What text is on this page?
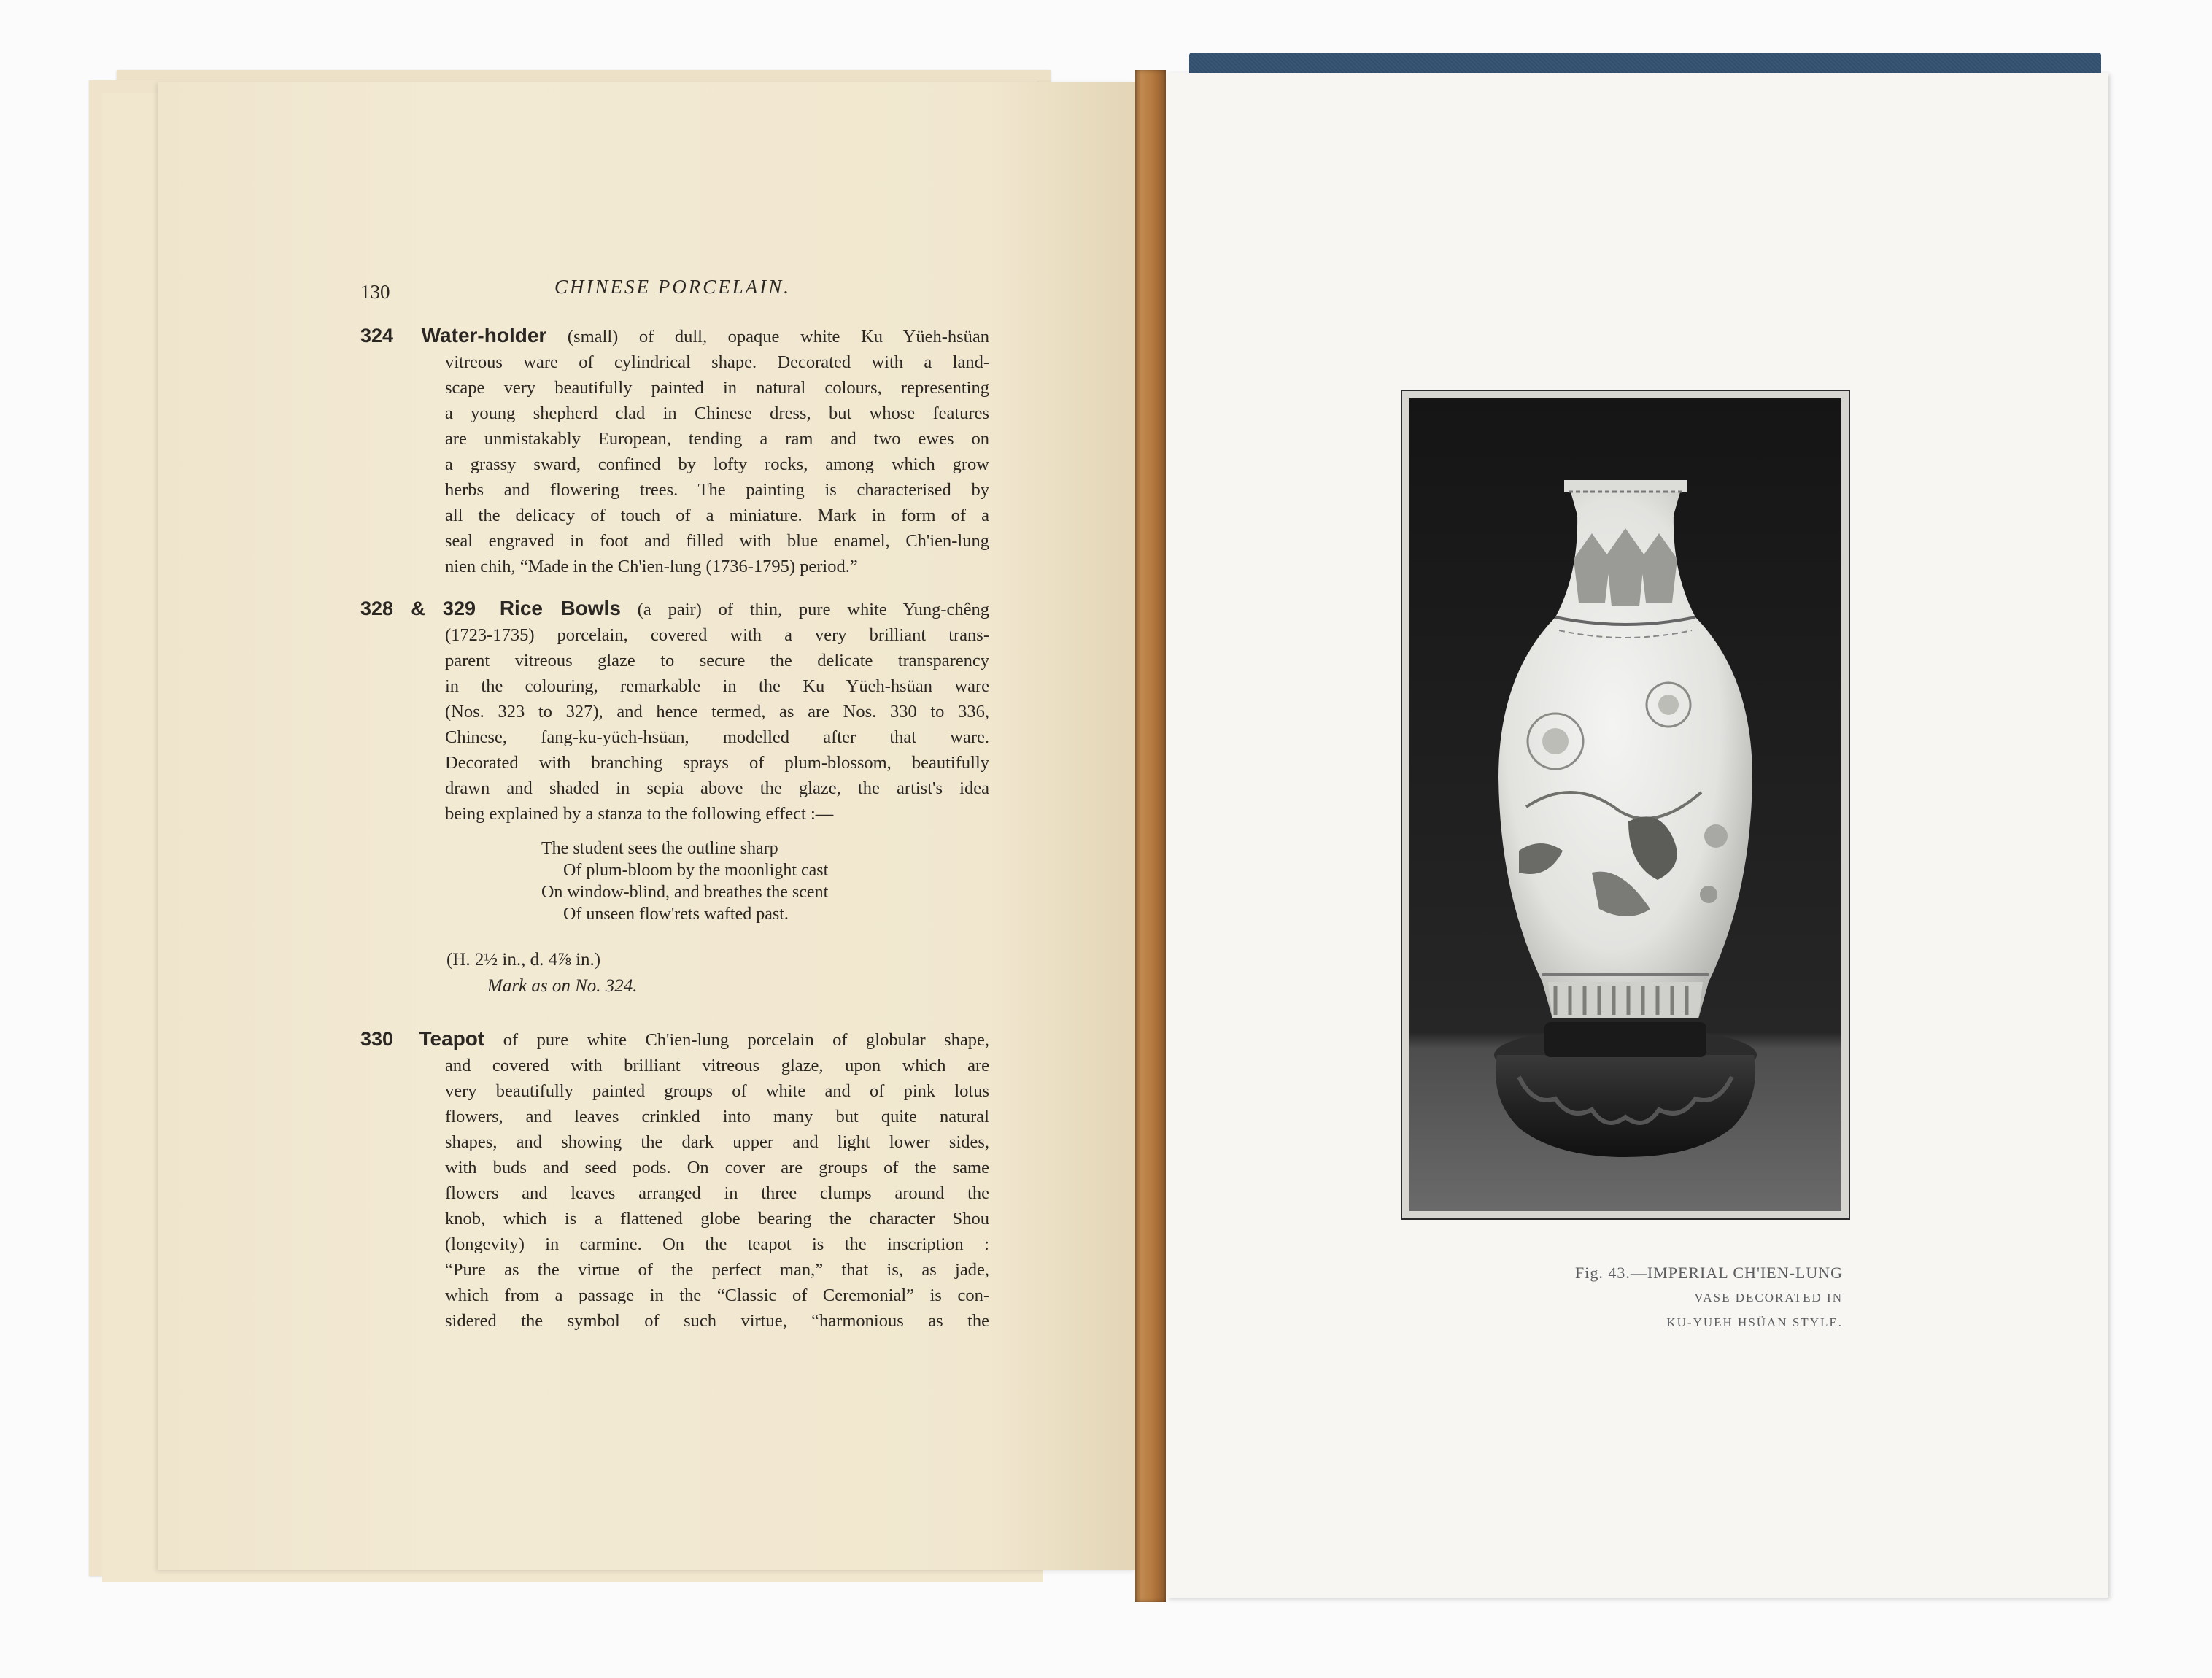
130	CHINESE PORCELAIN.
324 Water-holder (small) of dull, opaque white Ku Yüeh-hsüan
vitreous ware of cylindrical shape. Decorated with a land-
scape very beautifully painted in natural colours, representing
a young shepherd clad in Chinese dress, but whose features
are unmistakably European, tending a ram and two ewes on
a grassy sward, confined by lofty rocks, among which grow
herbs and flowering trees. The painting is characterised by
all the delicacy of touch of a miniature. Mark in form of a
seal engraved in foot and filled with blue enamel, Ch'ien-lung
nien chih, “Made in the Ch'ien-lung (1736-1795) period.”
328 & 329 Rice Bowls (a pair) of thin, pure white Yung-chêng
(1723-1735) porcelain, covered with a very brilliant trans-
parent vitreous glaze to secure the delicate transparency
in the colouring, remarkable in the Ku Yüeh-hsüan ware
(Nos. 323 to 327), and hence termed, as are Nos. 330 to 336,
Chinese, fang-ku-yüeh-hsüan, modelled after that ware.
Decorated with branching sprays of plum-blossom, beautifully
drawn and shaded in sepia above the glaze, the artist's idea
being explained by a stanza to the following effect :—
The student sees the outline sharp
Of plum-bloom by the moonlight cast
On window-blind, and breathes the scent
Of unseen flow'rets wafted past.
(H. 2½ in., d. 4⅞ in.)
Mark as on No. 324.
330 Teapot of pure white Ch'ien-lung porcelain of globular shape,
and covered with brilliant vitreous glaze, upon which are
very beautifully painted groups of white and of pink lotus
flowers, and leaves crinkled into many but quite natural
shapes, and showing the dark upper and light lower sides,
with buds and seed pods. On cover are groups of the same
flowers and leaves arranged in three clumps around the
knob, which is a flattened globe bearing the character Shou
(longevity) in carmine. On the teapot is the inscription :
“Pure as the virtue of the perfect man,” that is, as jade,
which from a passage in the “Classic of Ceremonial” is con-
sidered the symbol of such virtue, “harmonious as the
Fig. 43.—IMPERIAL CH'IEN-LUNG
VASE DECORATED IN
KU-YUEH HSÜAN STYLE.
